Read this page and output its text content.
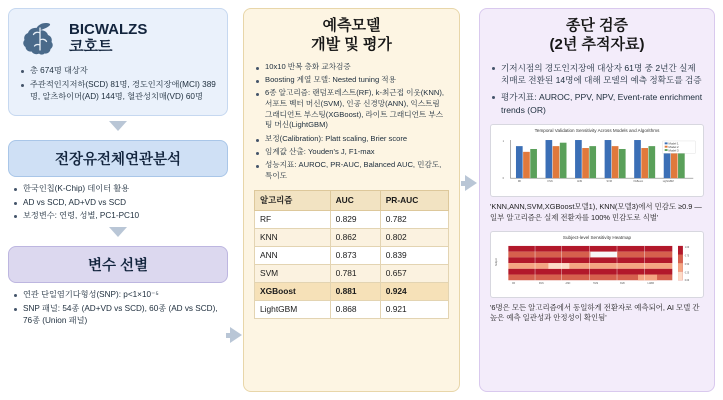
BICWALZS
코호트
총 674명 대상자
주관적인지저하(SCD) 81명, 경도인지장애(MCI) 389명, 알츠하이머(AD) 144명, 혈관성치매(VD) 60명
전장유전체연관분석
한국인칩(K-Chip) 데이터 활용
AD vs SCD, AD+VD vs SCD
보정변수: 연령, 성별, PC1-PC10
변수 선별
연관 단일염기다형성(SNP): p<1×10⁻⁵
SNP 패널: 54종 (AD+VD vs SCD), 60종 (AD vs SCD), 76종 (Union 패널)
예측모델
개발 및 평가
10x10 반복 층화 교차검증
Boosting 계열 모델: Nested tuning 적용
6종 알고리즘: 랜덤포레스트(RF), k-최근접 이웃(KNN), 서포트 벡터 머신(SVM), 인공 신경망(ANN), 익스트림 그래디언트 부스팅(XGBoost), 라이트 그래디언트 부스팅 머신(LightGBM)
보정(Calibration): Platt scaling, Brier score
임계값 산출: Youden's J, F1-max
성능지표: AUROC, PR-AUC, Balanced AUC, 민감도, 특이도
알고리즘	AUC	PR-AUC
RF	0.829	0.782
KNN	0.862	0.802
ANN	0.873	0.839
SVM	0.781	0.657
XGBoost	0.881	0.924
LightGBM	0.868	0.921
종단 검증
(2년 추적자료)
기저시점의 경도인지장애 대상자 61명 중 2년간 실제 치매로 전환된 14명에 대해 모델의 예측 정확도를 검증
평가지표: AUROC, PPV, NPV, Event-rate enrichment trends (OR)
Temporal Validation Sensitivity Across Models and Algorithms
Model 1
Model 2
Model 3
RF	KNN	ANN	SVM	XGBoost	LightGBM
0
1
'KNN,ANN,SVM,XGBoost모델1), KNN(모델3)에서 민감도 ≥0.9 — 일부 알고리즘은 실제 전환자를 100% 민감도로 식별'
Subject-level Sensitivity Heatmap
Subject
RF	KNN	ANN	SVM	XGB	LGBM
1.00
0.75
0.50
0.25
0.00
'6명은 모든 알고리즘에서 동일하게 전환자로 예측되어, AI 모델 간 높은 예측 일관성과 안정성이 확인됨'
